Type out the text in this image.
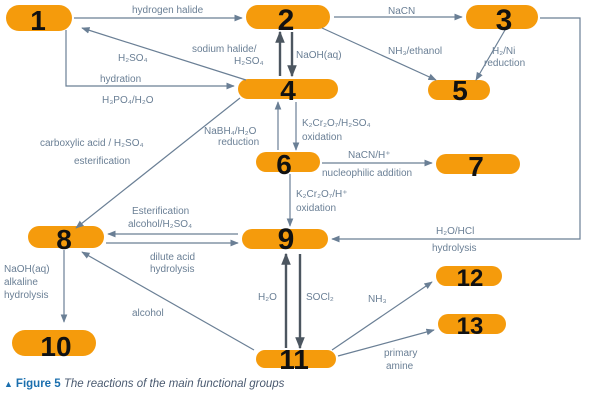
hydrogen halide
H₂SO₄
hydration
H₃PO₄/H₂O
sodium halide/
H₂SO₄
NaOH(aq)
NaCN
NH₃/ethanol	H₂/Ni
reduction
carboxylic acid / H₂SO₄
esterification
NaBH₄/H₂O
reduction
K₂Cr₂O₇/H₂SO₄
oxidation
NaCN/H⁺
nucleophilic addition
K₂Cr₂O₇/H⁺
oxidation
Esterification
alcohol/H₂SO₄
dilute acid
hydrolysis
H₂O/HCl
hydrolysis
NaOH(aq)
alkaline
hydrolysis	H₂O	SOCl₂
alcohol
NH₃
primary
amine
1	2	3
4	5
6	7
8	9
10	11
12
13
▲ Figure 5 The reactions of the main functional groups
